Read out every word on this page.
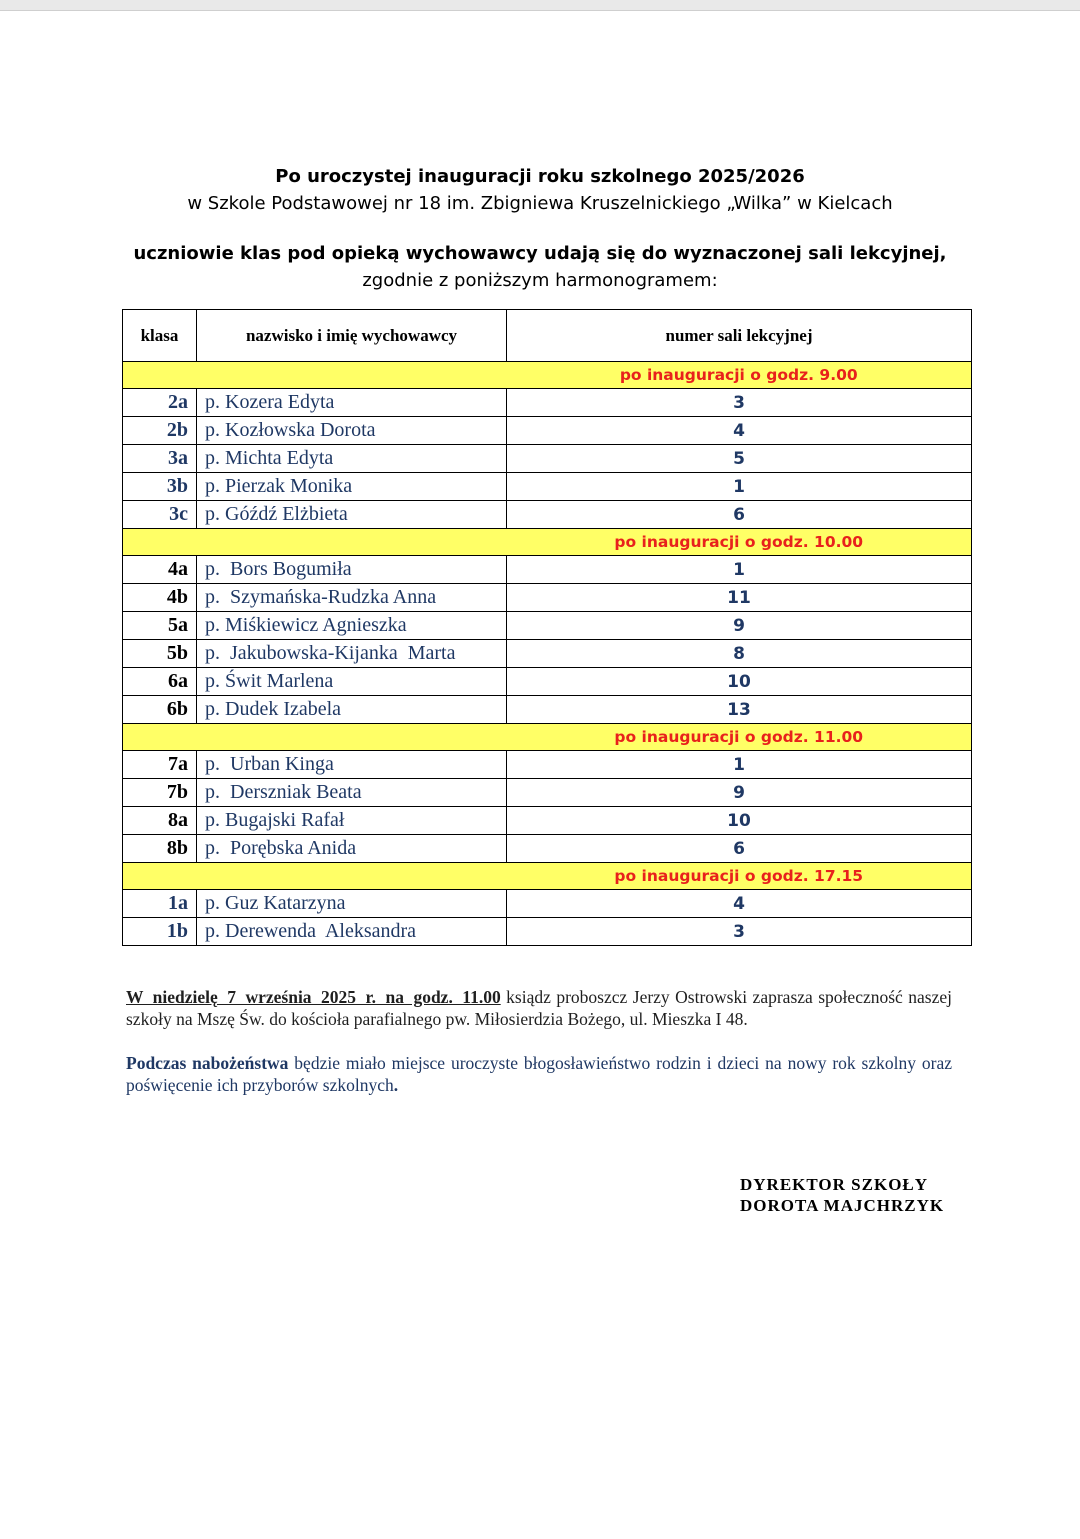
Po uroczystej inauguracji roku szkolnego 2025/2026
w Szkole Podstawowej nr 18 im. Zbigniewa Kruszelnickiego „Wilka” w Kielcach
uczniowie klas pod opieką wychowawcy udają się do wyznaczonej sali lekcyjnej,
zgodnie z poniższym harmonogramem:
klasa	nazwisko i imię wychowawcy	numer sali lekcyjnej
		po inauguracji o godz. 9.00
2a	p. Kozera Edyta	3
2b	p. Kozłowska Dorota	4
3a	p. Michta Edyta	5
3b	p. Pierzak Monika	1
3c	p. Góźdź Elżbieta	6
		po inauguracji o godz. 10.00
4a	p.  Bors Bogumiła	1
4b	p.  Szymańska-Rudzka Anna	11
5a	p. Miśkiewicz Agnieszka	9
5b	p.  Jakubowska-Kijanka  Marta	8
6a	p. Świt Marlena	10
6b	p. Dudek Izabela	13
		po inauguracji o godz. 11.00
7a	p.  Urban Kinga	1
7b	p.  Derszniak Beata	9
8a	p. Bugajski Rafał	10
8b	p.  Porębska Anida	6
		po inauguracji o godz. 17.15
1a	p. Guz Katarzyna	4
1b	p. Derewenda  Aleksandra	3
W niedzielę 7 września 2025 r. na godz. 11.00 ksiądz proboszcz Jerzy Ostrowski zaprasza społeczność naszej szkoły na Mszę Św. do kościoła parafialnego pw. Miłosierdzia Bożego, ul. Mieszka I 48.
Podczas nabożeństwa będzie miało miejsce uroczyste błogosławieństwo rodzin i dzieci na nowy rok szkolny oraz poświęcenie ich przyborów szkolnych.
DYREKTOR SZKOŁY
DOROTA MAJCHRZYK
